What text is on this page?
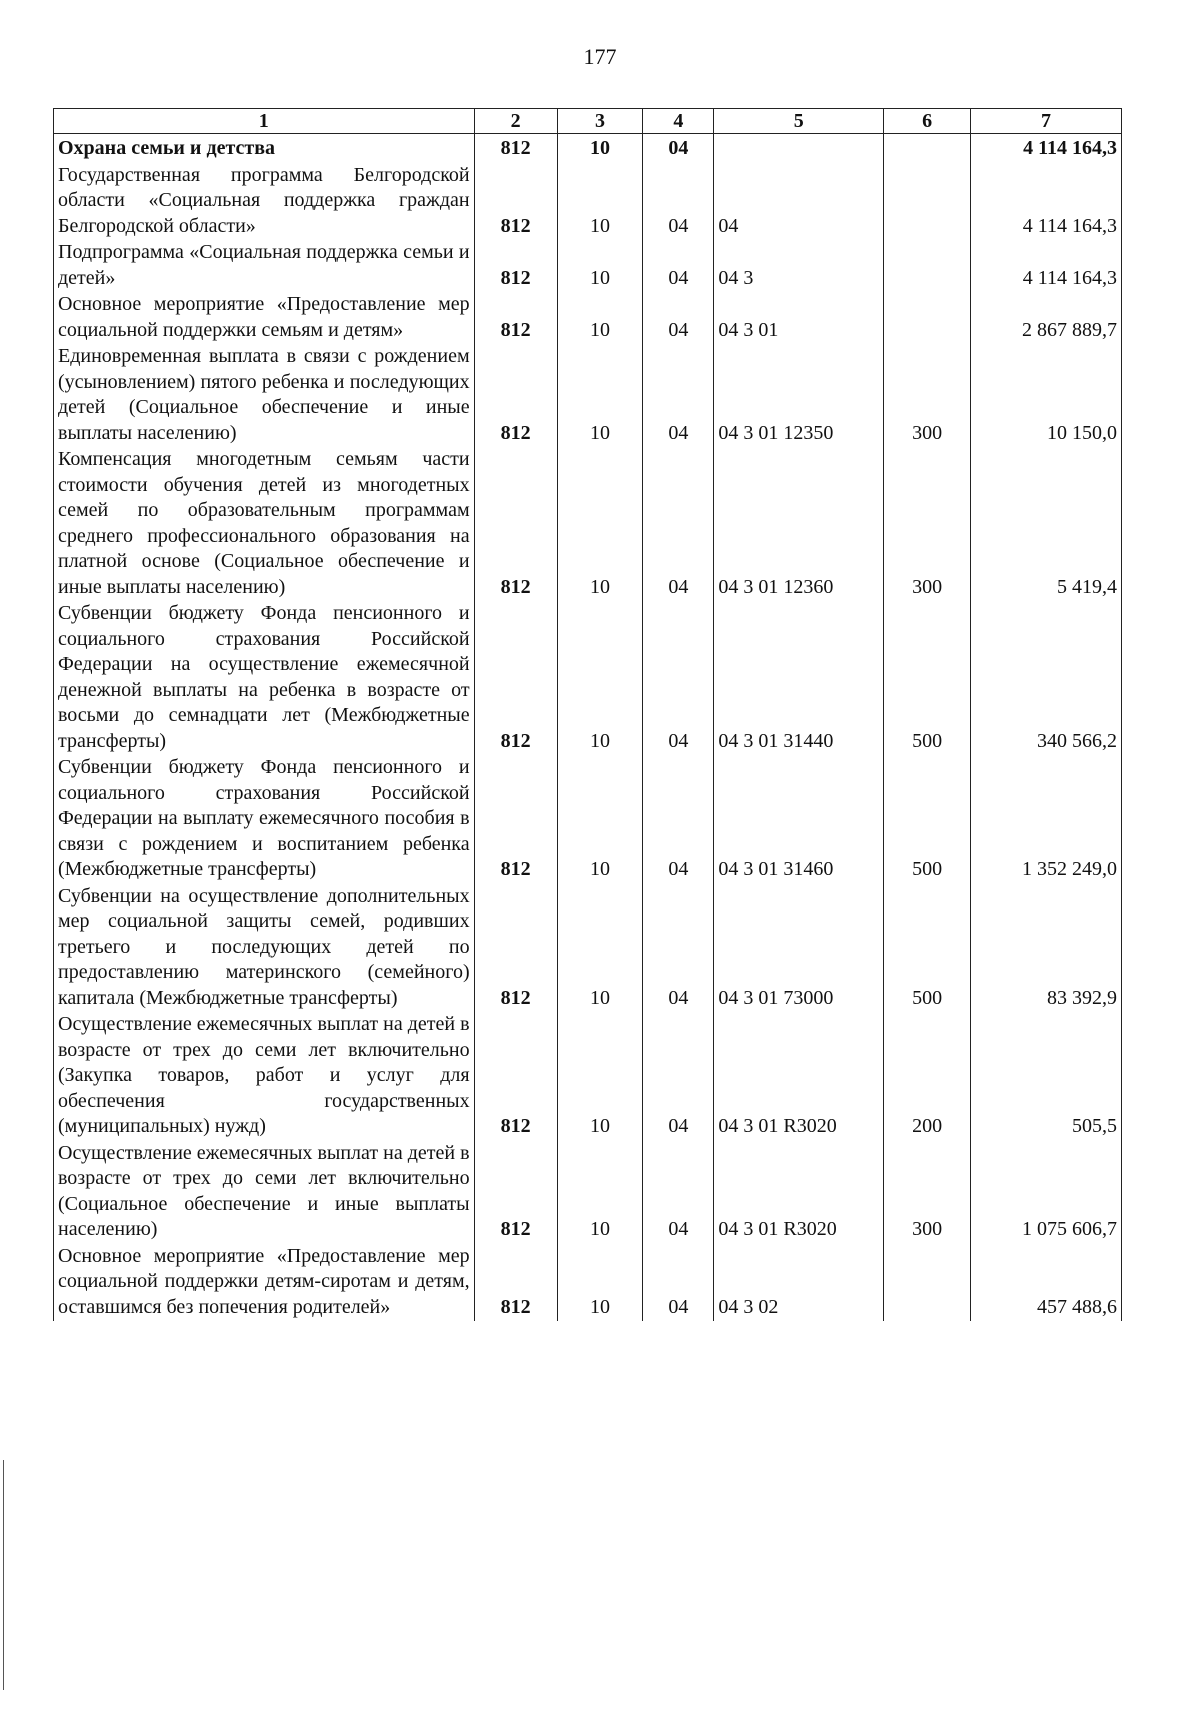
177
1	2	3	4	5	6	7
Охрана семьи и детства	812	10	04			4 114 164,3
Государственная программа Белгородской области «Социальная поддержка граждан Белгородской области»	812	10	04	04		4 114 164,3
Подпрограмма «Социальная поддержка семьи и детей»	812	10	04	04 3		4 114 164,3
Основное мероприятие «Предоставление мер социальной поддержки семьям и детям»	812	10	04	04 3 01		2 867 889,7
Единовременная выплата в связи с рождением (усыновлением) пятого ребенка и последующих детей (Социальное обеспечение и иные выплаты населению)	812	10	04	04 3 01 12350	300	10 150,0
Компенсация многодетным семьям части стоимости обучения детей из многодетных семей по образовательным программам среднего профессионального образования на платной основе (Социальное обеспечение и иные выплаты населению)	812	10	04	04 3 01 12360	300	5 419,4
Субвенции бюджету Фонда пенсионного и социального страхования Российской Федерации на осуществление ежемесячной денежной выплаты на ребенка в возрасте от восьми до семнадцати лет (Межбюджетные трансферты)	812	10	04	04 3 01 31440	500	340 566,2
Субвенции бюджету Фонда пенсионного и социального страхования Российской Федерации на выплату ежемесячного пособия в связи с рождением и воспитанием ребенка (Межбюджетные трансферты)	812	10	04	04 3 01 31460	500	1 352 249,0
Субвенции на осуществление дополнительных мер социальной защиты семей, родивших третьего и последующих детей по предоставлению материнского (семейного) капитала (Межбюджетные трансферты)	812	10	04	04 3 01 73000	500	83 392,9
Осуществление ежемесячных выплат на детей в возрасте от трех до семи лет включительно (Закупка товаров, работ и услуг для обеспечения государственных (муниципальных) нужд)	812	10	04	04 3 01 R3020	200	505,5
Осуществление ежемесячных выплат на детей в возрасте от трех до семи лет включительно (Социальное обеспечение и иные выплаты населению)	812	10	04	04 3 01 R3020	300	1 075 606,7
Основное мероприятие «Предоставление мер социальной поддержки детям-сиротам и детям, оставшимся без попечения родителей»	812	10	04	04 3 02		457 488,6
